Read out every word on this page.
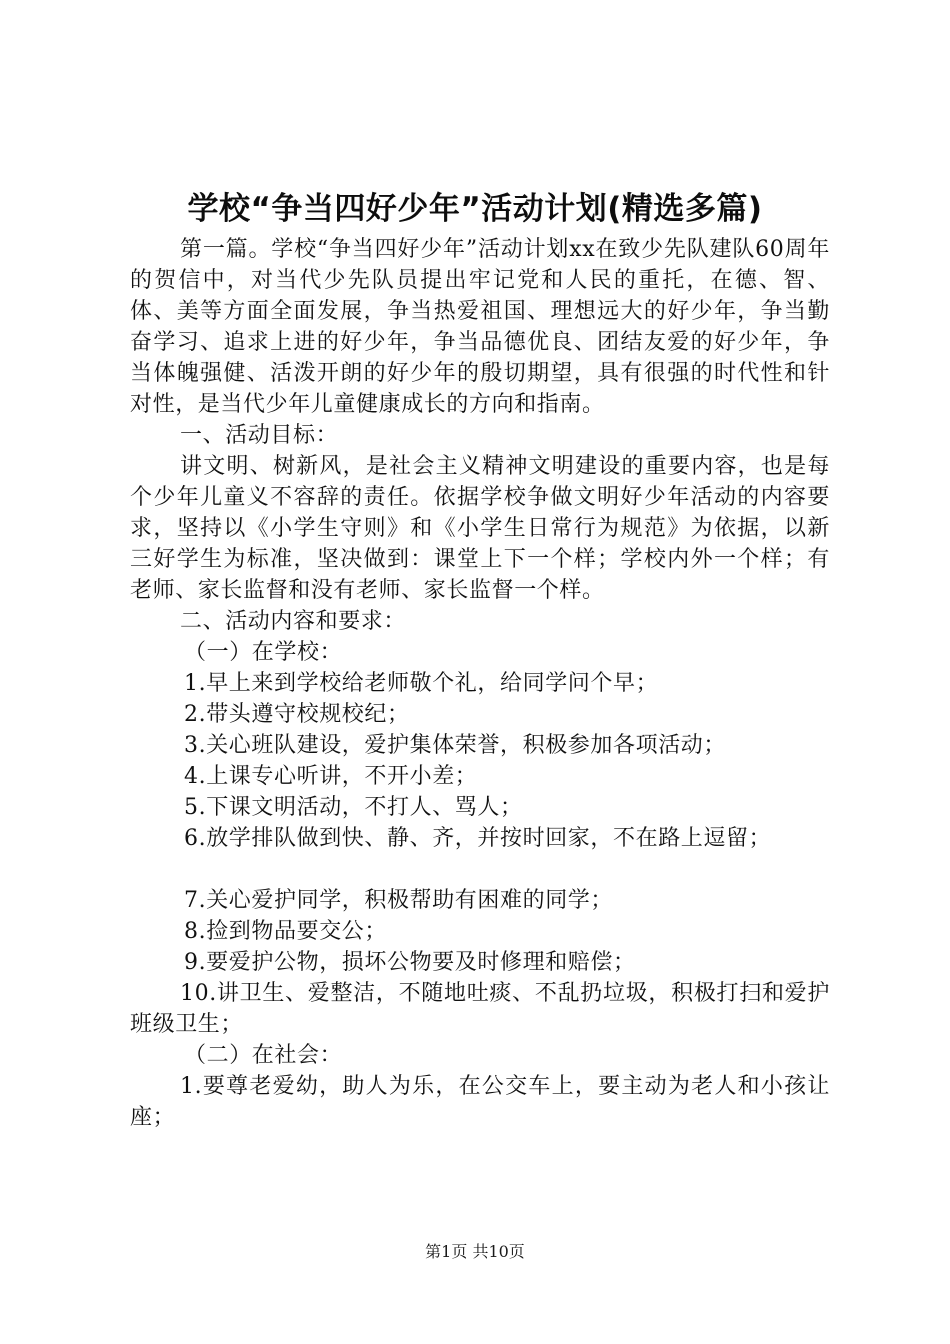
学校“争当四好少年”活动计划(精选多篇)

第一篇。学校“争当四好少年”活动计划xx在致少先队建队60周年的贺信中，对当代少先队员提出牢记党和人民的重托，在德、智、体、美等方面全面发展，争当热爱祖国、理想远大的好少年，争当勤奋学习、追求上进的好少年，争当品德优良、团结友爱的好少年，争当体魄强健、活泼开朗的好少年的殷切期望，具有很强的时代性和针对性，是当代少年儿童健康成长的方向和指南。

一、活动目标：

讲文明、树新风，是社会主义精神文明建设的重要内容，也是每个少年儿童义不容辞的责任。依据学校争做文明好少年活动的内容要求，坚持以《小学生守则》和《小学生日常行为规范》为依据，以新三好学生为标准，坚决做到：课堂上下一个样；学校内外一个样；有老师、家长监督和没有老师、家长监督一个样。

二、活动内容和要求：

（一）在学校：

1.早上来到学校给老师敬个礼，给同学问个早；

2.带头遵守校规校纪；

3.关心班队建设，爱护集体荣誉，积极参加各项活动；

4.上课专心听讲，不开小差；

5.下课文明活动，不打人、骂人；

6.放学排队做到快、静、齐，并按时回家，不在路上逗留；

7.关心爱护同学，积极帮助有困难的同学；

8.捡到物品要交公；

9.要爱护公物，损坏公物要及时修理和赔偿；

10.讲卫生、爱整洁，不随地吐痰、不乱扔垃圾，积极打扫和爱护班级卫生；

（二）在社会：

1.要尊老爱幼，助人为乐，在公交车上，要主动为老人和小孩让座；

第1页 共10页
